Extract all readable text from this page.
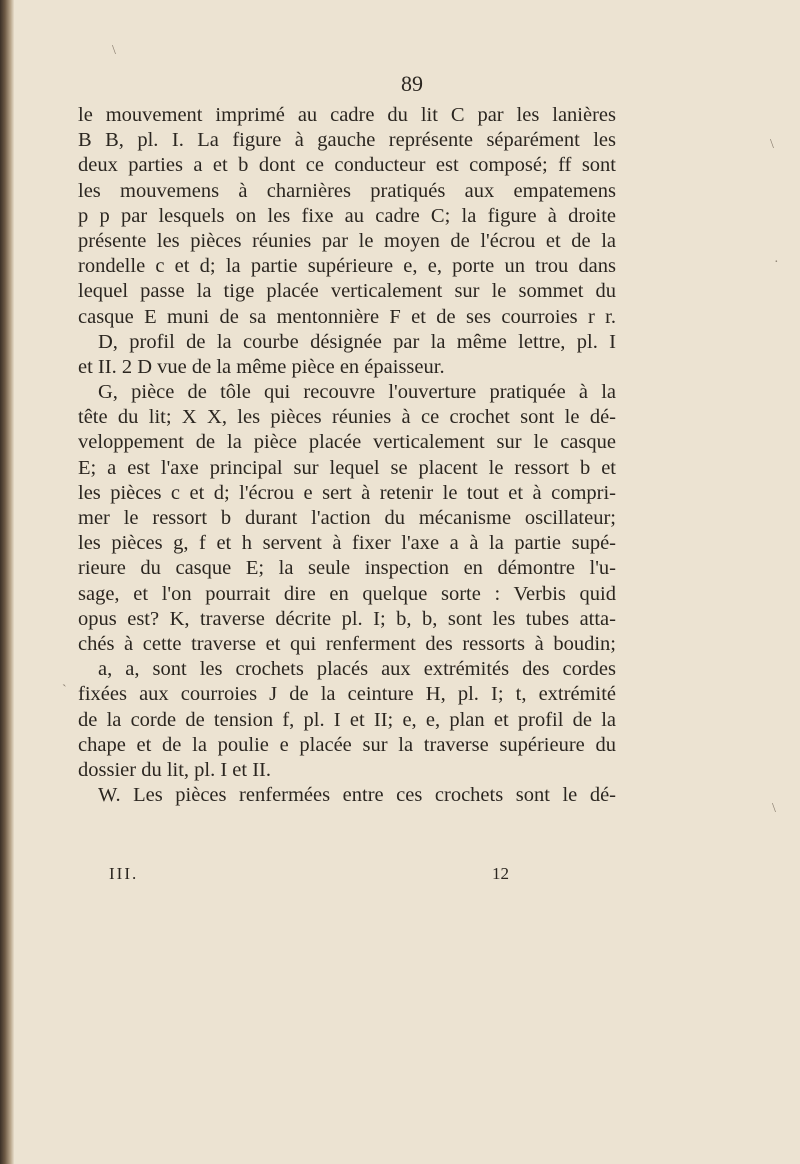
\
`
\
·
\
89
le mouvement imprimé au cadre du lit C par les lanières
B B, pl. I. La figure à gauche représente séparément les
deux parties a et b dont ce conducteur est composé; ff sont
les mouvemens à charnières pratiqués aux empatemens
p p par lesquels on les fixe au cadre C; la figure à droite
présente les pièces réunies par le moyen de l'écrou et de la
rondelle c et d; la partie supérieure e, e, porte un trou dans
lequel passe la tige placée verticalement sur le sommet du
casque E muni de sa mentonnière F et de ses courroies r r.
D, profil de la courbe désignée par la même lettre, pl. I
et II. 2 D vue de la même pièce en épaisseur.
G, pièce de tôle qui recouvre l'ouverture pratiquée à la
tête du lit; X X, les pièces réunies à ce crochet sont le dé-
veloppement de la pièce placée verticalement sur le casque
E; a est l'axe principal sur lequel se placent le ressort b et
les pièces c et d; l'écrou e sert à retenir le tout et à compri-
mer le ressort b durant l'action du mécanisme oscillateur;
les pièces g, f et h servent à fixer l'axe a à la partie supé-
rieure du casque E; la seule inspection en démontre l'u-
sage, et l'on pourrait dire en quelque sorte : Verbis quid
opus est? K, traverse décrite pl. I; b, b, sont les tubes atta-
chés à cette traverse et qui renferment des ressorts à boudin;
a, a, sont les crochets placés aux extrémités des cordes
fixées aux courroies J de la ceinture H, pl. I; t, extrémité
de la corde de tension f, pl. I et II; e, e, plan et profil de la
chape et de la poulie e placée sur la traverse supérieure du
dossier du lit, pl. I et II.
W. Les pièces renfermées entre ces crochets sont le dé-
III.	12
